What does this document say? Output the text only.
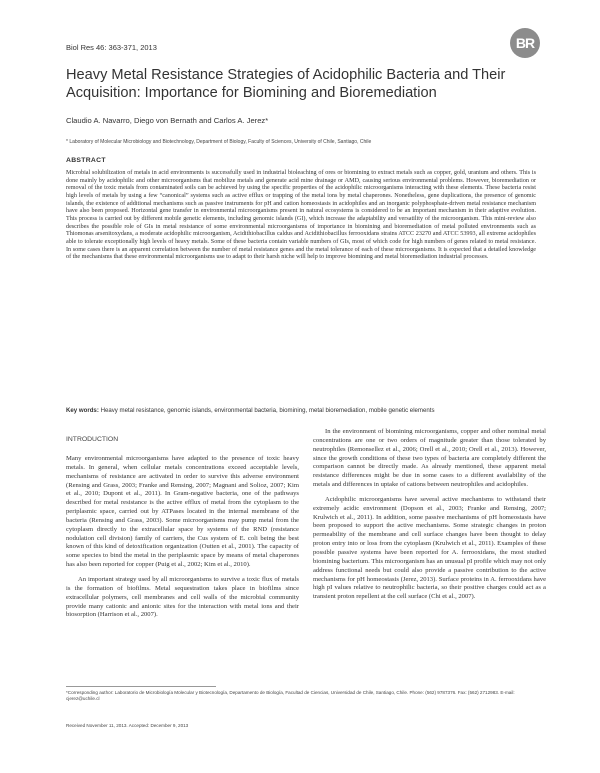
Biol Res 46: 363-371, 2013	BR
Heavy Metal Resistance Strategies of Acidophilic Bacteria and Their Acquisition: Importance for Biomining and Bioremediation
Claudio A. Navarro, Diego von Bernath and Carlos A. Jerez*
* Laboratory of Molecular Microbiology and Biotechnology, Department of Biology, Faculty of Sciences, University of Chile, Santiago, Chile
ABSTRACT
Microbial solubilization of metals in acid environments is successfully used in industrial bioleaching of ores or biomining to extract metals such as copper, gold, uranium and others. This is done mainly by acidophilic and other microorganisms that mobilize metals and generate acid mine drainage or AMD, causing serious environmental problems. However, bioremediation or removal of the toxic metals from contaminated soils can be achieved by using the specific properties of the acidophilic microorganisms interacting with these elements. These bacteria resist high levels of metals by using a few “canonical” systems such as active efflux or trapping of the metal ions by metal chaperones. Nonetheless, gene duplications, the presence of genomic islands, the existence of additional mechanisms such as passive instruments for pH and cation homeostasis in acidophiles and an inorganic polyphosphate-driven metal resistance mechanism have also been proposed. Horizontal gene transfer in environmental microorganisms present in natural ecosystems is considered to be an important mechanism in their adaptive evolution. This process is carried out by different mobile genetic elements, including genomic islands (GI), which increase the adaptability and versatility of the microorganism. This mini-review also describes the possible role of GIs in metal resistance of some environmental microorganisms of importance in biomining and bioremediation of metal polluted environments such as Thiomonas arsenitoxydans, a moderate acidophilic microorganism, Acidithiobacillus caldus and Acidithiobacillus ferrooxidans strains ATCC 23270 and ATCC 53993, all extreme acidophiles able to tolerate exceptionally high levels of heavy metals. Some of these bacteria contain variable numbers of GIs, most of which code for high numbers of genes related to metal resistance. In some cases there is an apparent correlation between the number of metal resistance genes and the metal tolerance of each of these microorganisms. It is expected that a detailed knowledge of the mechanisms that these environmental microorganisms use to adapt to their harsh niche will help to improve biomining and metal bioremediation industrial processes.
Key words: Heavy metal resistance, genomic islands, environmental bacteria, biomining, metal bioremediation, mobile genetic elements
INTRODUCTION

Many environmental microorganisms have adapted to the presence of toxic heavy metals. In general, when cellular metals concentrations exceed acceptable levels, mechanisms of resistance are activated in order to survive this adverse environment (Rensing and Grass, 2003; Franke and Rensing, 2007; Magnani and Solioz, 2007; Kim et al., 2010; Dupont et al., 2011). In Gram-negative bacteria, one of the pathways described for metal resistance is the active efflux of metal from the cytoplasm to the periplasmic space, carried out by ATPases located in the internal membrane of the bacteria (Rensing and Grass, 2003). Some microorganisms may pump metal from the cytoplasm directly to the extracellular space by systems of the RND (resistance nodulation cell division) family of carriers, the Cus system of E. coli being the best known of this kind of detoxification organization (Outten et al., 2001). The capacity of some species to bind the metal in the periplasmic space by means of metal chaperones has also been reported for copper (Puig et al., 2002; Kim et al., 2010).

An important strategy used by all microorganisms to survive a toxic flux of metals is the formation of biofilms. Metal sequestration takes place in biofilms since extracellular polymers, cell membranes and cell walls of the microbial community provide many cationic and anionic sites for the interaction with metal ions and their biosorption (Harrison et al., 2007).

In the environment of biomining microorganisms, copper and other nominal metal concentrations are one or two orders of magnitude greater than those tolerated by neutrophiles (Remonsellez et al., 2006; Orell et al., 2010; Orell et al., 2013). However, since the growth conditions of these two types of bacteria are completely different the comparison cannot be directly made. As already mentioned, these apparent metal resistance differences might be due in some cases to a different availability of the metals and differences in uptake of cations between neutrophiles and acidophiles.

Acidophilic microorganisms have several active mechanisms to withstand their extremely acidic environment (Dopson et al., 2003; Franke and Rensing, 2007; Krulwich et al., 2011). In addition, some passive mechanisms of pH homeostasis have been proposed to support the active mechanisms. Some strategic changes in proton permeability of the membrane and cell surface changes have been thought to delay proton entry into or loss from the cytoplasm (Krulwich et al., 2011). Examples of these possible passive systems have been reported for A. ferrooxidans, the most studied biomining bacterium. This microorganism has an unusual pI profile which may not only address functional needs but could also provide a passive contribution to the active mechanisms for pH homeostasis (Jerez, 2013). Surface proteins in A. ferrooxidans have high pI values relative to neutrophilic bacteria, so their positive charges could act as a transient proton repellent at the cell surface (Chi et al., 2007).

*Corresponding author: Laboratorio de Microbiología Molecular y Biotecnología, Departamento de Biología, Facultad de Ciencias, Universidad de Chile, Santiago, Chile. Phone: (562) 9787376. Fax: (562) 2712983. E-mail: cjerez@uchile.cl
Received November 11, 2013. Accepted: December 9, 2013
